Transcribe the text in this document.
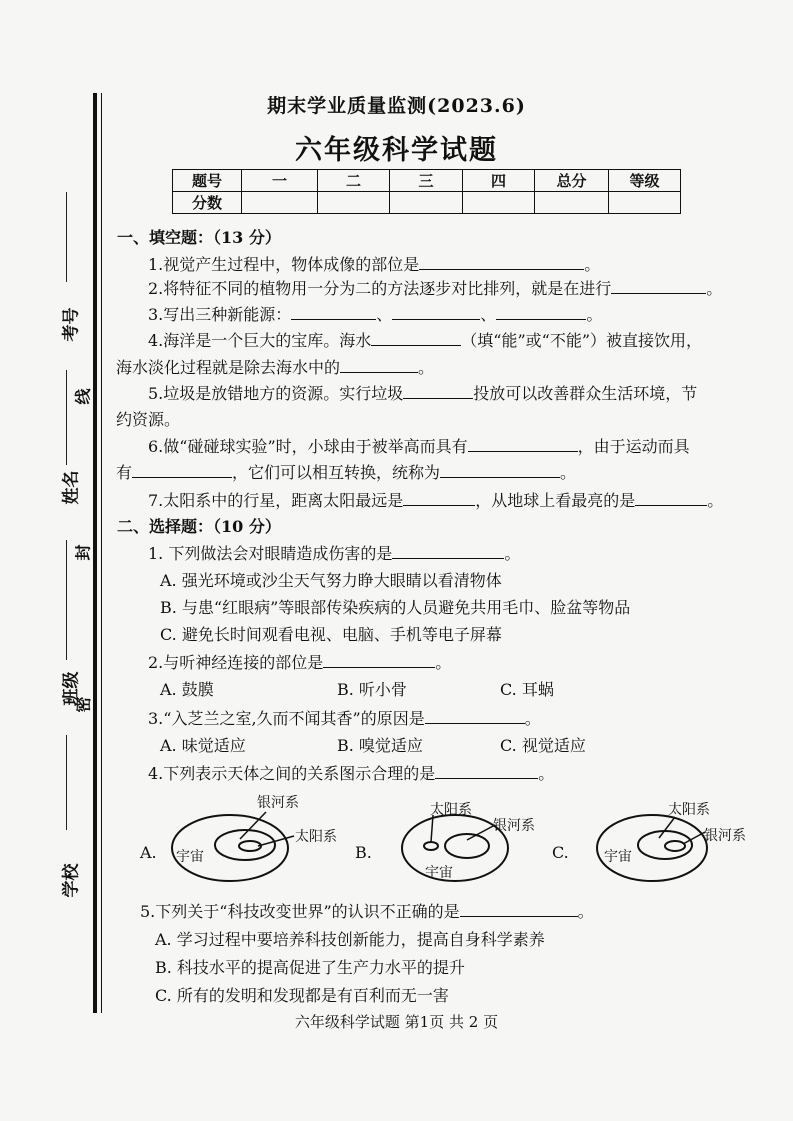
考号
姓名
班级
学校
线
封
密
期末学业质量监测(2023.6)
六年级科学试题
题号	一	二	三	四	总分	等级
分数						
一、填空题：（13 分）
1.视觉产生过程中，物体成像的部位是	。
2.将特征不同的植物用一分为二的方法逐步对比排列，就是在进行	。
3.写出三种新能源：	、	、	。
4.海洋是一个巨大的宝库。海水	（填“能”或“不能”）被直接饮用，
海水淡化过程就是除去海水中的	。
5.垃圾是放错地方的资源。实行垃圾	投放可以改善群众生活环境，节
约资源。
6.做“碰碰球实验”时，小球由于被举高而具有	，由于运动而具
有	，它们可以相互转换，统称为	。
7.太阳系中的行星，距离太阳最远是	，从地球上看最亮的是	。
二、选择题：（10 分）
1. 下列做法会对眼睛造成伤害的是	。
A. 强光环境或沙尘天气努力睁大眼睛以看清物体
B. 与患“红眼病”等眼部传染疾病的人员避免共用毛巾、脸盆等物品
C. 避免长时间观看电视、电脑、手机等电子屏幕
2.与听神经连接的部位是	。
A. 鼓膜	B. 听小骨	C. 耳蜗
3.“入芝兰之室,久而不闻其香”的原因是	。
A. 味觉适应	B. 嗅觉适应	C. 视觉适应
4.下列表示天体之间的关系图示合理的是	。
A.
银河系
太阳系
宇宙	B.
太阳系
银河系
宇宙
C.
太阳系
银河系
宇宙
5.下列关于“科技改变世界”的认识不正确的是	。
A. 学习过程中要培养科技创新能力，提高自身科学素养
B. 科技水平的提高促进了生产力水平的提升
C. 所有的发明和发现都是有百利而无一害
六年级科学试题 第1页 共 2 页
